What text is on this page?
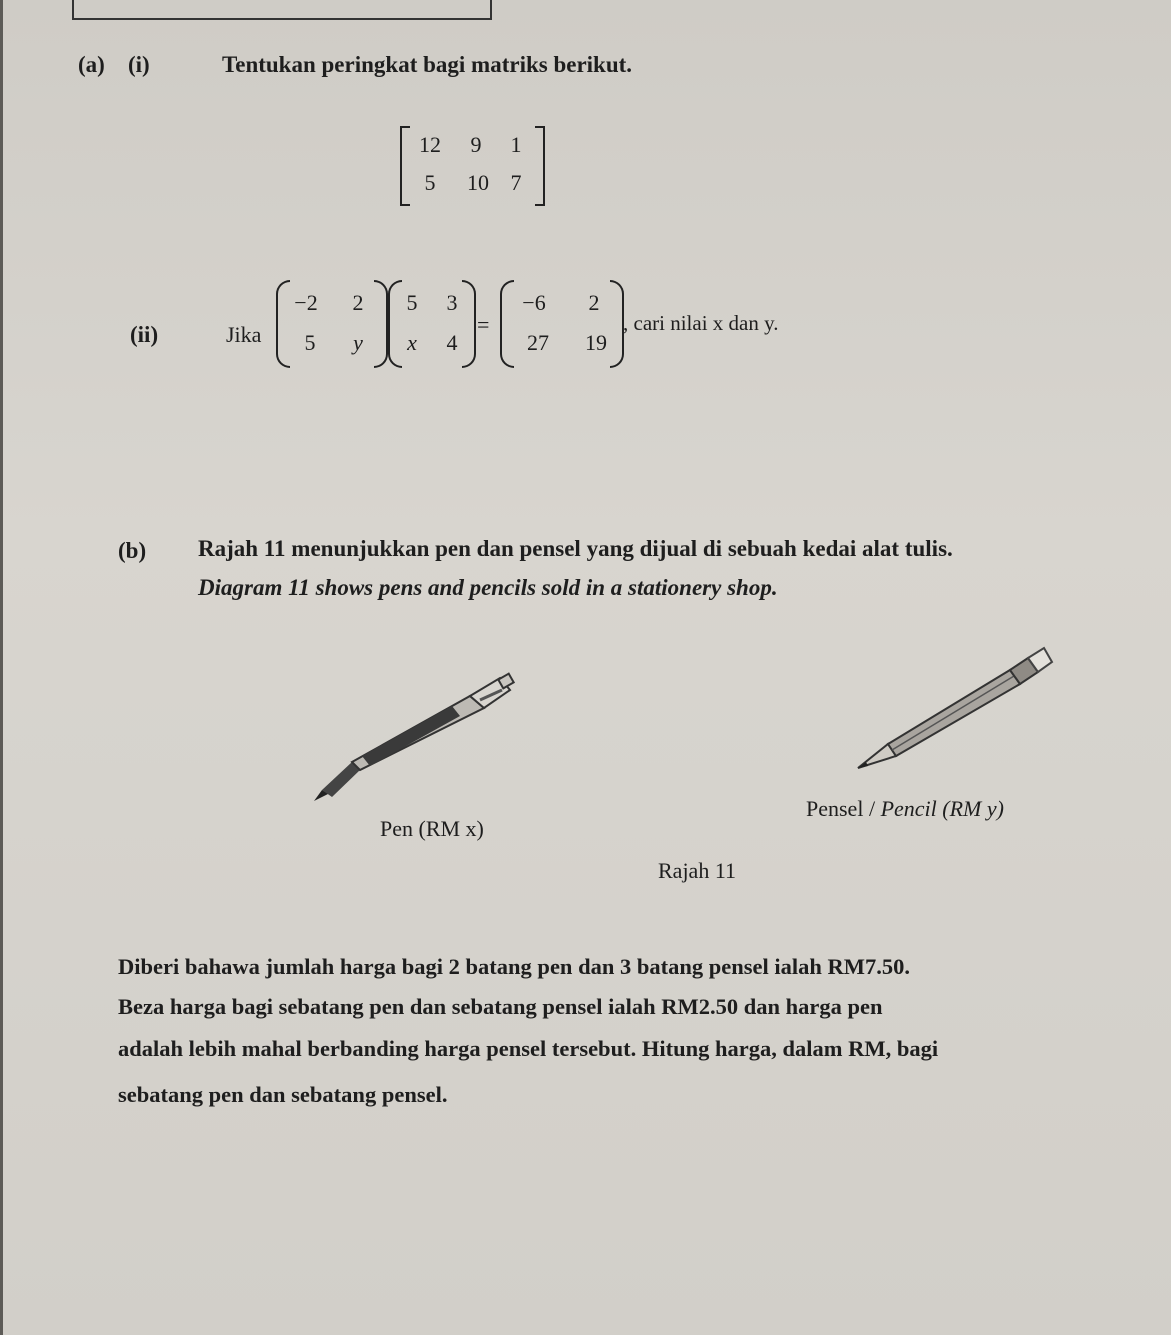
(a) (i)	Tentukan peringkat bagi matriks berikut.
12	9	1
5	10 7
(ii)	Jika
−2	2
5	y
5	3
x	4
=
−6	2
27	19
, cari nilai x dan y.
(b) Rajah 11 menunjukkan pen dan pensel yang dijual di sebuah kedai alat tulis.
Diagram 11 shows pens and pencils sold in a stationery shop.
Pen (RM x)
Pensel / Pencil (RM y)
Rajah 11
Diberi bahawa jumlah harga bagi 2 batang pen dan 3 batang pensel ialah RM7.50.
Beza harga bagi sebatang pen dan sebatang pensel ialah RM2.50 dan harga pen
adalah lebih mahal berbanding harga pensel tersebut. Hitung harga, dalam RM, bagi
sebatang pen dan sebatang pensel.
